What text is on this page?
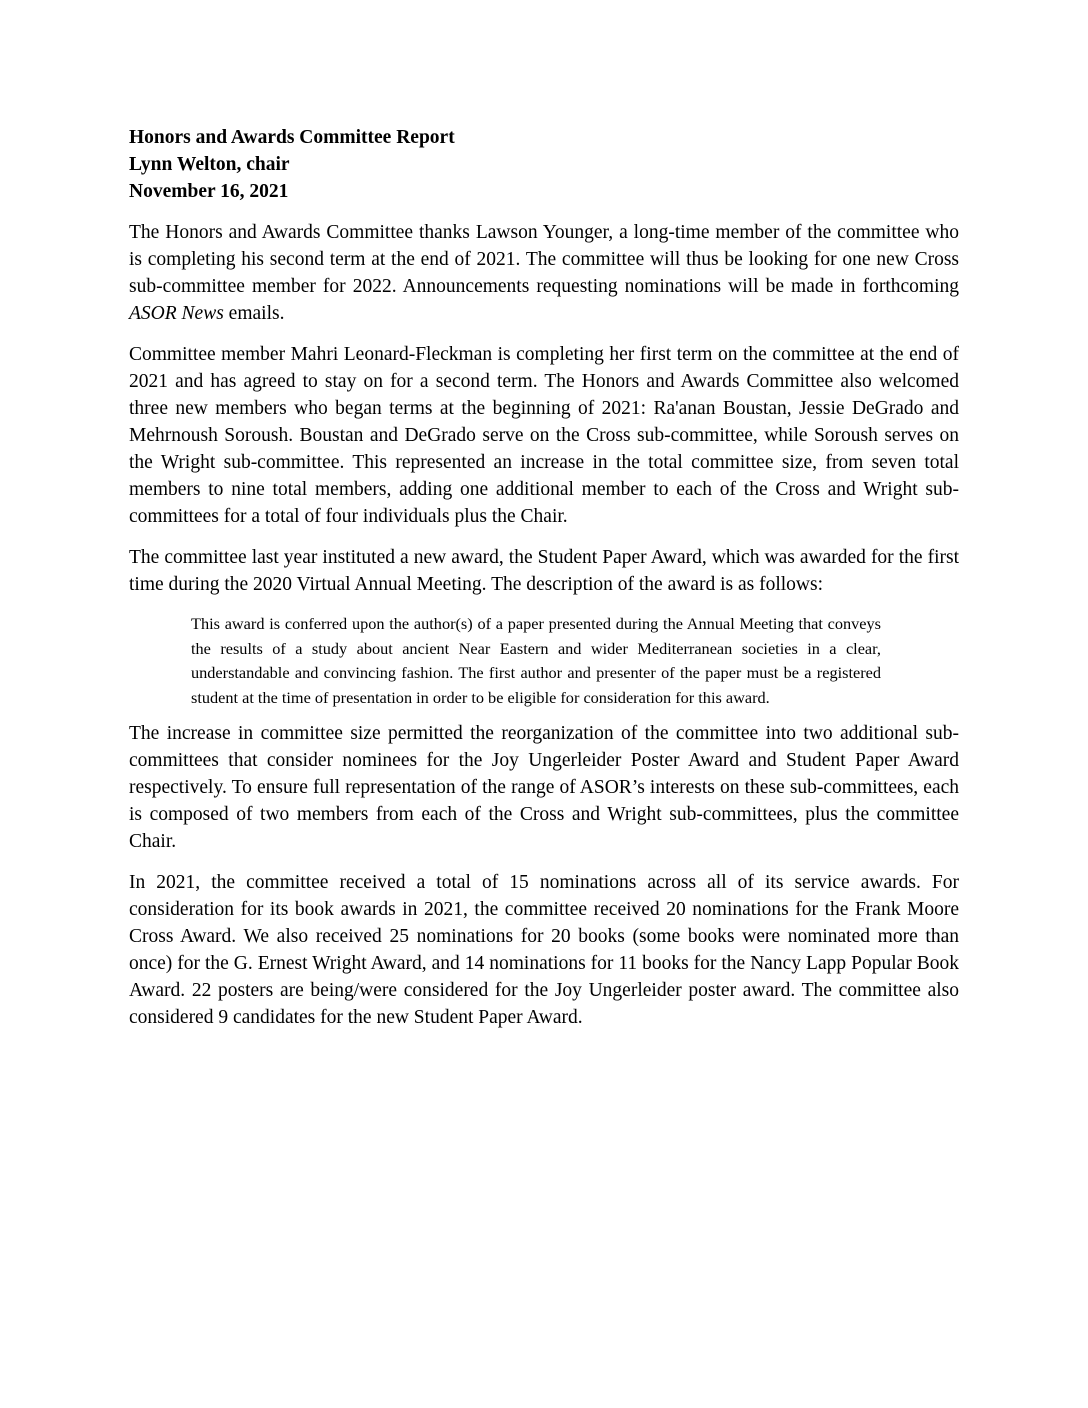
Honors and Awards Committee Report

Lynn Welton, chair

November 16, 2021

The Honors and Awards Committee thanks Lawson Younger, a long-time member of the committee who is completing his second term at the end of 2021. The committee will thus be looking for one new Cross sub-committee member for 2022. Announcements requesting nominations will be made in forthcoming ASOR News emails.

Committee member Mahri Leonard-Fleckman is completing her first term on the committee at the end of 2021 and has agreed to stay on for a second term. The Honors and Awards Committee also welcomed three new members who began terms at the beginning of 2021: Ra'anan Boustan, Jessie DeGrado and Mehrnoush Soroush. Boustan and DeGrado serve on the Cross sub-committee, while Soroush serves on the Wright sub-committee. This represented an increase in the total committee size, from seven total members to nine total members, adding one additional member to each of the Cross and Wright sub-committees for a total of four individuals plus the Chair.

The committee last year instituted a new award, the Student Paper Award, which was awarded for the first time during the 2020 Virtual Annual Meeting. The description of the award is as follows:

This award is conferred upon the author(s) of a paper presented during the Annual Meeting that conveys the results of a study about ancient Near Eastern and wider Mediterranean societies in a clear, understandable and convincing fashion. The first author and presenter of the paper must be a registered student at the time of presentation in order to be eligible for consideration for this award.

The increase in committee size permitted the reorganization of the committee into two additional sub-committees that consider nominees for the Joy Ungerleider Poster Award and Student Paper Award respectively. To ensure full representation of the range of ASOR’s interests on these sub-committees, each is composed of two members from each of the Cross and Wright sub-committees, plus the committee Chair.

In 2021, the committee received a total of 15 nominations across all of its service awards. For consideration for its book awards in 2021, the committee received 20 nominations for the Frank Moore Cross Award. We also received 25 nominations for 20 books (some books were nominated more than once) for the G. Ernest Wright Award, and 14 nominations for 11 books for the Nancy Lapp Popular Book Award. 22 posters are being/were considered for the Joy Ungerleider poster award. The committee also considered 9 candidates for the new Student Paper Award.
